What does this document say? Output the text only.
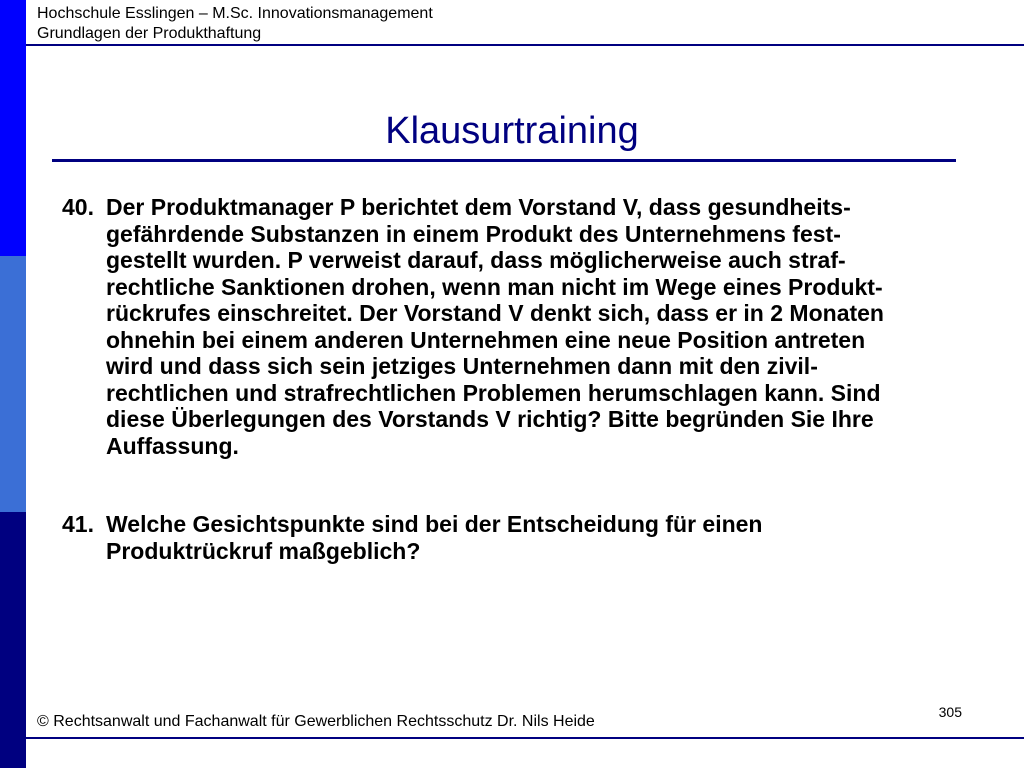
Hochschule Esslingen – M.Sc. Innovationsmanagement
Grundlagen der Produkthaftung
Klausurtraining
40. Der Produktmanager P berichtet dem Vorstand V, dass gesundheits-
gefährdende Substanzen in einem Produkt des Unternehmens fest-
gestellt wurden. P verweist darauf, dass möglicherweise auch straf-
rechtliche Sanktionen drohen, wenn man nicht im Wege eines Produkt-
rückrufes einschreitet. Der Vorstand V denkt sich, dass er in 2 Monaten
ohnehin bei einem anderen Unternehmen eine neue Position antreten
wird und dass sich sein jetziges Unternehmen dann mit den zivil-
rechtlichen und strafrechtlichen Problemen herumschlagen kann. Sind
diese Überlegungen des Vorstands V richtig? Bitte begründen Sie Ihre
Auffassung.
41. Welche Gesichtspunkte sind bei der Entscheidung für einen
Produktrückruf maßgeblich?
305
© Rechtsanwalt und Fachanwalt für Gewerblichen Rechtsschutz Dr. Nils Heide
